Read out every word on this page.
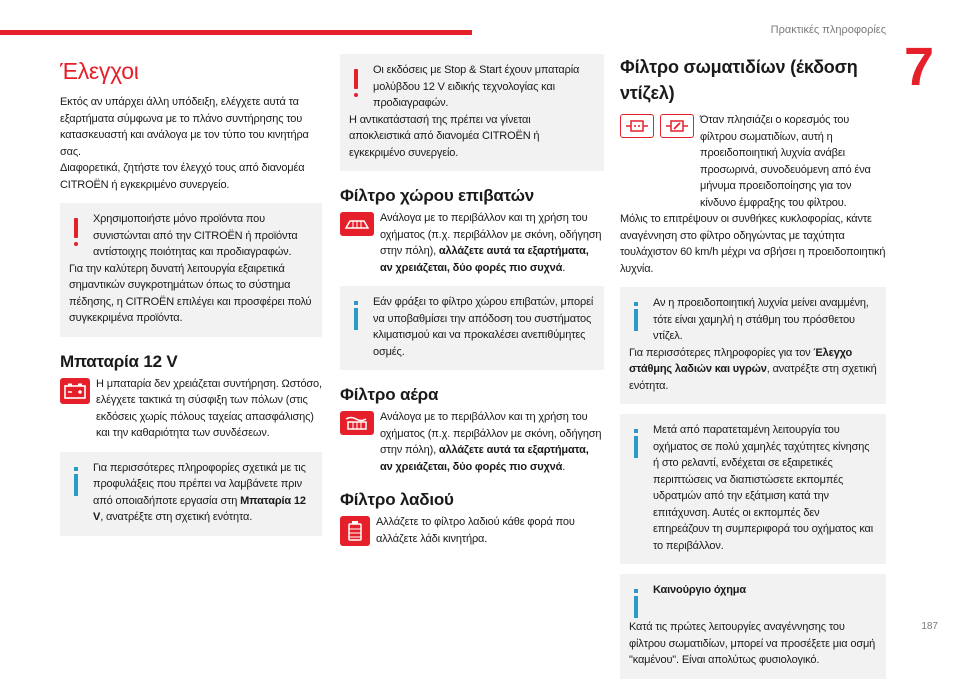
Πρακτικές πληροφορίες
7
187
Έλεγχοι

Εκτός αν υπάρχει άλλη υπόδειξη, ελέγχετε αυτά τα εξαρτήματα σύμφωνα με το πλάνο συντήρησης του κατασκευαστή και ανάλογα με τον τύπο του κινητήρα σας.

Διαφορετικά, ζητήστε τον έλεγχό τους από διανομέα CITROËN ή εγκεκριμένο συνεργείο.

Χρησιμοποιήστε μόνο προϊόντα που συνιστώνται από την CITROËN ή προϊόντα αντίστοιχης ποιότητας και προδιαγραφών.

Για την καλύτερη δυνατή λειτουργία εξαιρετικά σημαντικών συγκροτημάτων όπως το σύστημα πέδησης, η CITROËN επιλέγει και προσφέρει πολύ συγκεκριμένα προϊόντα.

Μπαταρία 12 V

Η μπαταρία δεν χρειάζεται συντήρηση. Ωστόσο, ελέγχετε τακτικά τη σύσφιξη των πόλων (στις εκδόσεις χωρίς πόλους ταχείας απασφάλισης) και την καθαριότητα των συνδέσεων.

Για περισσότερες πληροφορίες σχετικά με τις προφυλάξεις που πρέπει να λαμβάνετε πριν από οποιαδήποτε εργασία στη Μπαταρία 12 V, ανατρέξτε στη σχετική ενότητα.

Οι εκδόσεις με Stop & Start έχουν μπαταρία μολύβδου 12 V ειδικής τεχνολογίας και προδιαγραφών.

Η αντικατάστασή της πρέπει να γίνεται αποκλειστικά από διανομέα CITROËN ή εγκεκριμένο συνεργείο.

Φίλτρο χώρου επιβατών

Ανάλογα με το περιβάλλον και τη χρήση του οχήματος (π.χ. περιβάλλον με σκόνη, οδήγηση στην πόλη), αλλάζετε αυτά τα εξαρτήματα, αν χρειάζεται, δύο φορές πιο συχνά.

Εάν φράξει το φίλτρο χώρου επιβατών, μπορεί να υποβαθμίσει την απόδοση του συστήματος κλιματισμού και να προκαλέσει ανεπιθύμητες οσμές.

Φίλτρο αέρα

Ανάλογα με το περιβάλλον και τη χρήση του οχήματος (π.χ. περιβάλλον με σκόνη, οδήγηση στην πόλη), αλλάζετε αυτά τα εξαρτήματα, αν χρειάζεται, δύο φορές πιο συχνά.

Φίλτρο λαδιού

Αλλάζετε το φίλτρο λαδιού κάθε φορά που αλλάζετε λάδι κινητήρα.

Φίλτρο σωματιδίων (έκδοση ντίζελ)

Όταν πλησιάζει ο κορεσμός του φίλτρου σωματιδίων, αυτή η προειδοποιητική λυχνία ανάβει προσωρινά, συνοδευόμενη από ένα μήνυμα προειδοποίησης για τον κίνδυνο έμφραξης του φίλτρου.

Μόλις το επιτρέψουν οι συνθήκες κυκλοφορίας, κάντε αναγέννηση στο φίλτρο οδηγώντας με ταχύτητα τουλάχιστον 60 km/h μέχρι να σβήσει η προειδοποιητική λυχνία.

Αν η προειδοποιητική λυχνία μείνει αναμμένη, τότε είναι χαμηλή η στάθμη του πρόσθετου ντίζελ.

Για περισσότερες πληροφορίες για τον Έλεγχο στάθμης λαδιών και υγρών, ανατρέξτε στη σχετική ενότητα.

Μετά από παρατεταμένη λειτουργία του οχήματος σε πολύ χαμηλές ταχύτητες κίνησης ή στο ρελαντί, ενδέχεται σε εξαιρετικές περιπτώσεις να διαπιστώσετε εκπομπές υδρατμών από την εξάτμιση κατά την επιτάχυνση. Αυτές οι εκπομπές δεν επηρεάζουν τη συμπεριφορά του οχήματος και το περιβάλλον.

Καινούργιο όχημα

Κατά τις πρώτες λειτουργίες αναγέννησης του φίλτρου σωματιδίων, μπορεί να προσέξετε μια οσμή "καμένου". Είναι απολύτως φυσιολογικό.
